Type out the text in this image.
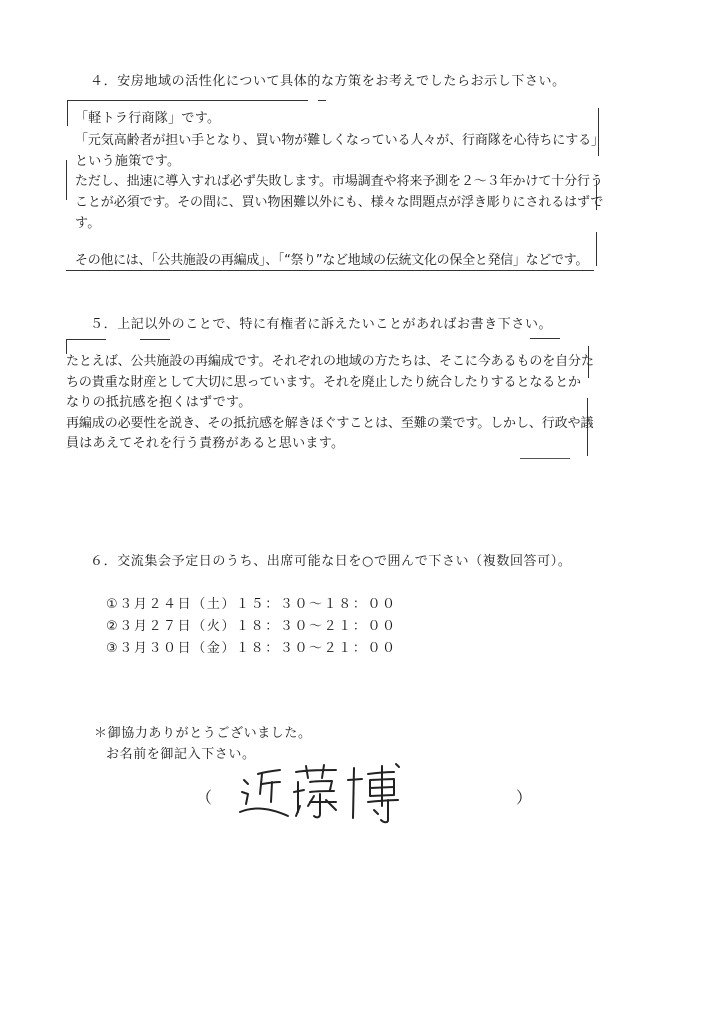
４．安房地域の活性化について具体的な方策をお考えでしたらお示し下さい。
「軽トラ行商隊」です。
「元気高齢者が担い手となり、買い物が難しくなっている人々が、行商隊を心待ちにする」
という施策です。
ただし、拙速に導入すれば必ず失敗します。市場調査や将来予測を２〜３年かけて十分行う
ことが必須です。その間に、買い物困難以外にも、様々な問題点が浮き彫りにされるはずで
す。
その他には、「公共施設の再編成」、「“祭り”など地域の伝統文化の保全と発信」などです。
５．上記以外のことで、特に有権者に訴えたいことがあればお書き下さい。
たとえば、公共施設の再編成です。それぞれの地域の方たちは、そこに今あるものを自分た
ちの貴重な財産として大切に思っています。それを廃止したり統合したりするとなるとか
なりの抵抗感を抱くはずです。
再編成の必要性を説き、その抵抗感を解きほぐすことは、至難の業です。しかし、行政や議
員はあえてそれを行う責務があると思います。
６．交流集会予定日のうち、出席可能な日を○で囲んで下さい（複数回答可）。
①３月２４日（土）１５：３０〜１８：００
②３月２７日（火）１８：３０〜２１：００
③３月３０日（金）１８：３０〜２１：００
＊御協力ありがとうございました。
お名前を御記入下さい。
（	）
